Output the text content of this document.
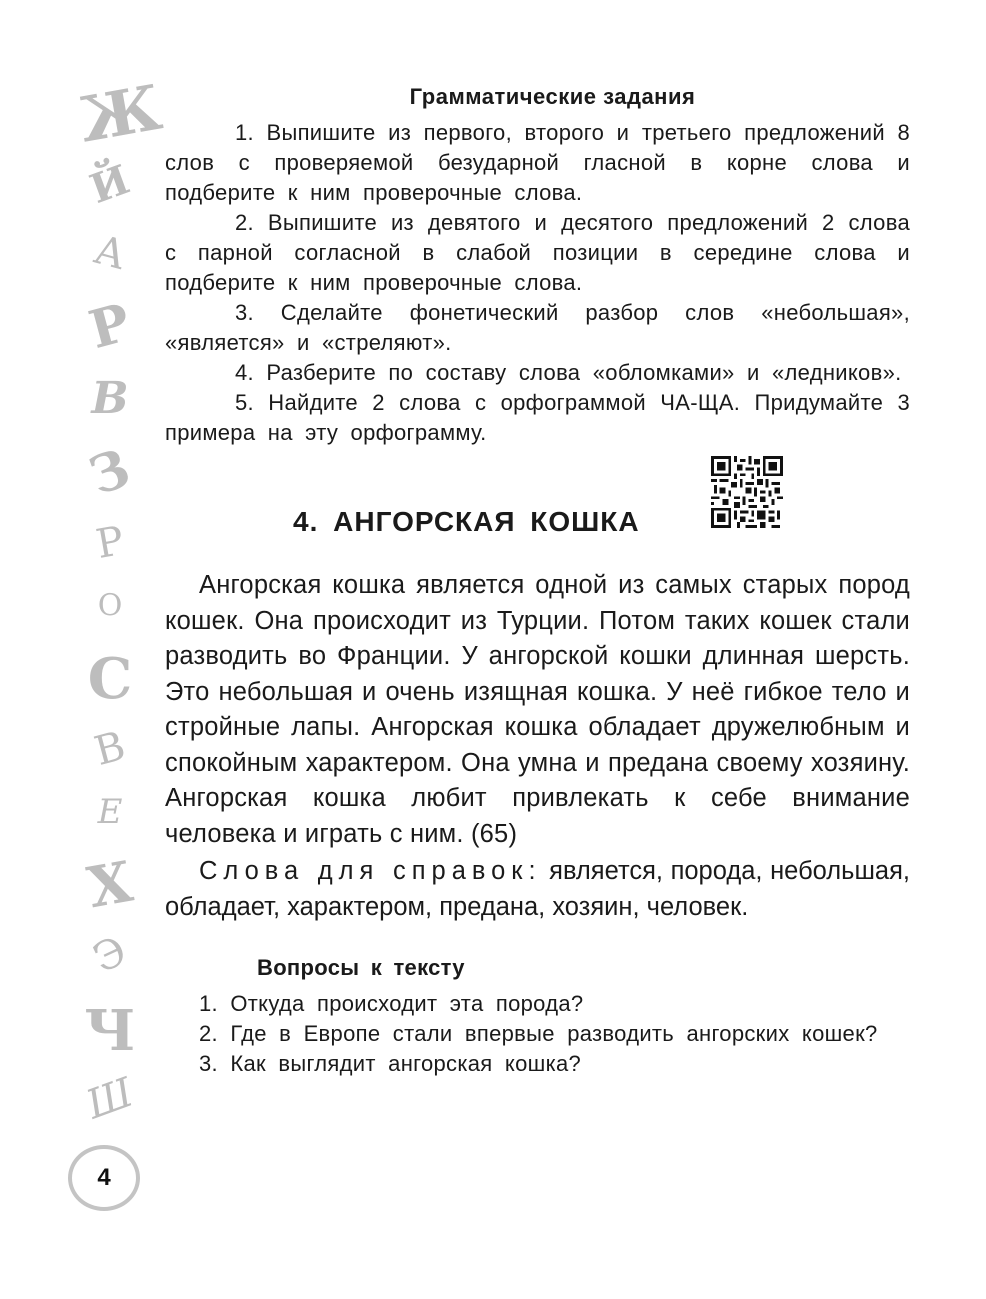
Ж
Й
А
Р
В
З
Р
О
С
В
Е
Х
Э
Ч
Ш
4
Грамматические задания

1. Выпишите из первого, второго и третьего предложений 8 слов с проверяемой безударной гласной в корне слова и подберите к ним проверочные слова.

2. Выпишите из девятого и десятого предложений 2 слова с парной согласной в слабой позиции в середине слова и подберите к ним проверочные слова.

3. Сделайте фонетический разбор слов «небольшая», «является» и «стреляют».

4. Разберите по составу слова «обломками» и «ледников».

5. Найдите 2 слова с орфограммой ЧА-ЩА. Придумайте 3 примера на эту орфограмму.

4. АНГОРСКАЯ КОШКА

Ангорская кошка является одной из самых старых пород кошек. Она происходит из Турции. Потом таких кошек стали разводить во Франции. У ангорской кошки длинная шерсть. Это небольшая и очень изящная кошка. У неё гибкое тело и стройные лапы. Ангорская кошка обладает дружелюбным и спокойным характером. Она умна и предана своему хозяину. Ангорская кошка любит привлекать к себе внимание человека и играть с ним. (65)

Слова для справок: является, порода, небольшая, обладает, характером, предана, хозяин, человек.

Вопросы к тексту

1. Откуда происходит эта порода?

2. Где в Европе стали впервые разводить ангорских кошек?

3. Как выглядит ангорская кошка?
